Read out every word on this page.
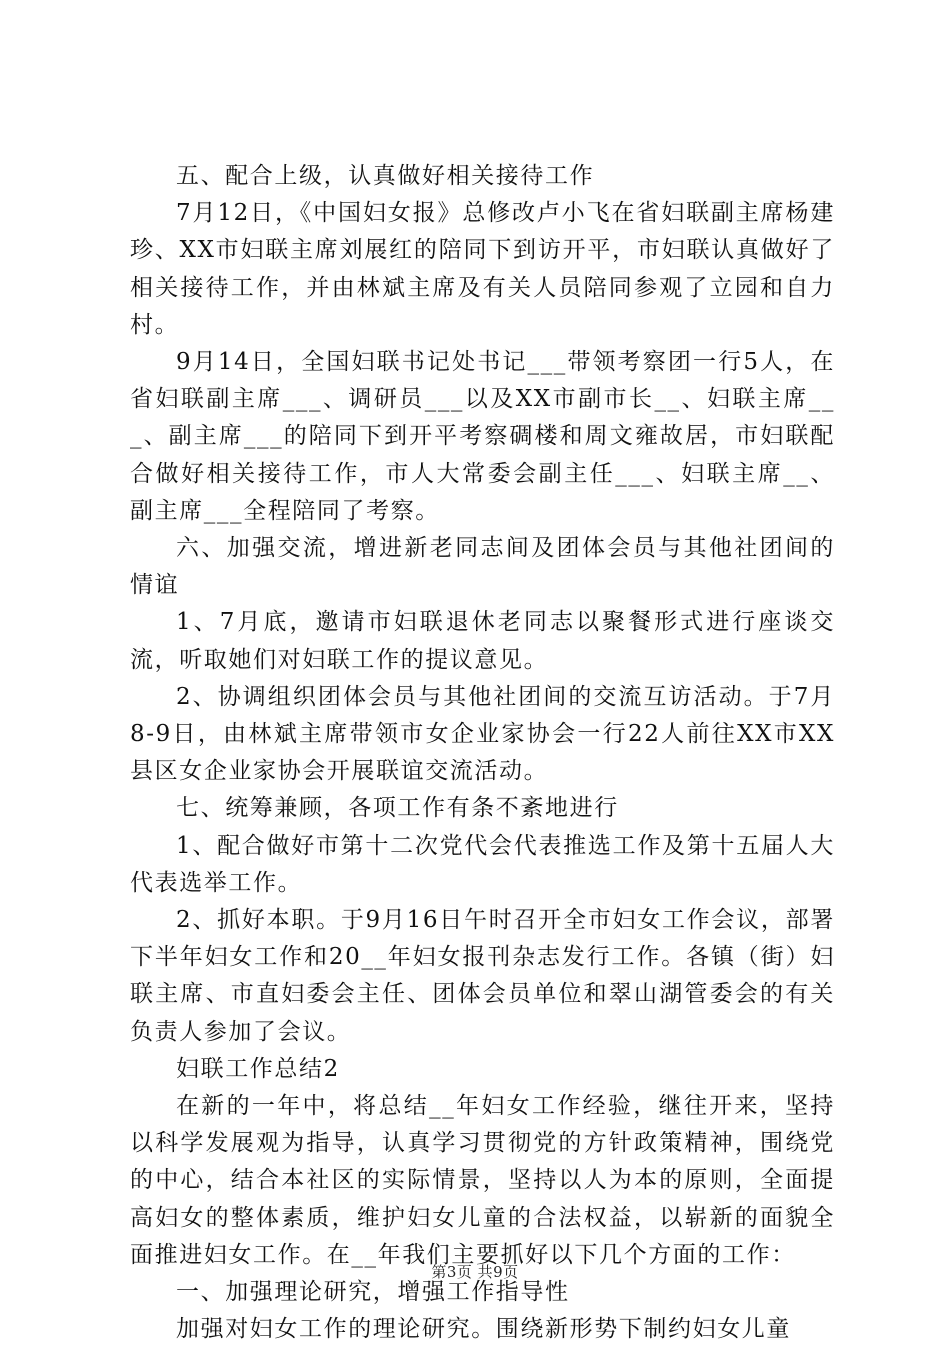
五、配合上级，认真做好相关接待工作

7月12日，《中国妇女报》总修改卢小飞在省妇联副主席杨建珍、XX市妇联主席刘展红的陪同下到访开平，市妇联认真做好了相关接待工作，并由林斌主席及有关人员陪同参观了立园和自力村。

9月14日，全国妇联书记处书记___带领考察团一行5人，在省妇联副主席___、调研员___以及XX市副市长__、妇联主席___、副主席___的陪同下到开平考察碉楼和周文雍故居，市妇联配合做好相关接待工作，市人大常委会副主任___、妇联主席__、副主席___全程陪同了考察。

六、加强交流，增进新老同志间及团体会员与其他社团间的情谊

1、7月底，邀请市妇联退休老同志以聚餐形式进行座谈交流，听取她们对妇联工作的提议意见。

2、协调组织团体会员与其他社团间的交流互访活动。于7月8-9日，由林斌主席带领市女企业家协会一行22人前往XX市XX县区女企业家协会开展联谊交流活动。

七、统筹兼顾，各项工作有条不紊地进行

1、配合做好市第十二次党代会代表推选工作及第十五届人大代表选举工作。

2、抓好本职。于9月16日午时召开全市妇女工作会议，部署下半年妇女工作和20__年妇女报刊杂志发行工作。各镇（街）妇联主席、市直妇委会主任、团体会员单位和翠山湖管委会的有关负责人参加了会议。

妇联工作总结2

在新的一年中，将总结__年妇女工作经验，继往开来，坚持以科学发展观为指导，认真学习贯彻党的方针政策精神，围绕党的中心，结合本社区的实际情景，坚持以人为本的原则，全面提高妇女的整体素质，维护妇女儿童的合法权益，以崭新的面貌全面推进妇女工作。在__年我们主要抓好以下几个方面的工作：

一、加强理论研究，增强工作指导性

加强对妇女工作的理论研究。围绕新形势下制约妇女儿童

第3页 共9页
